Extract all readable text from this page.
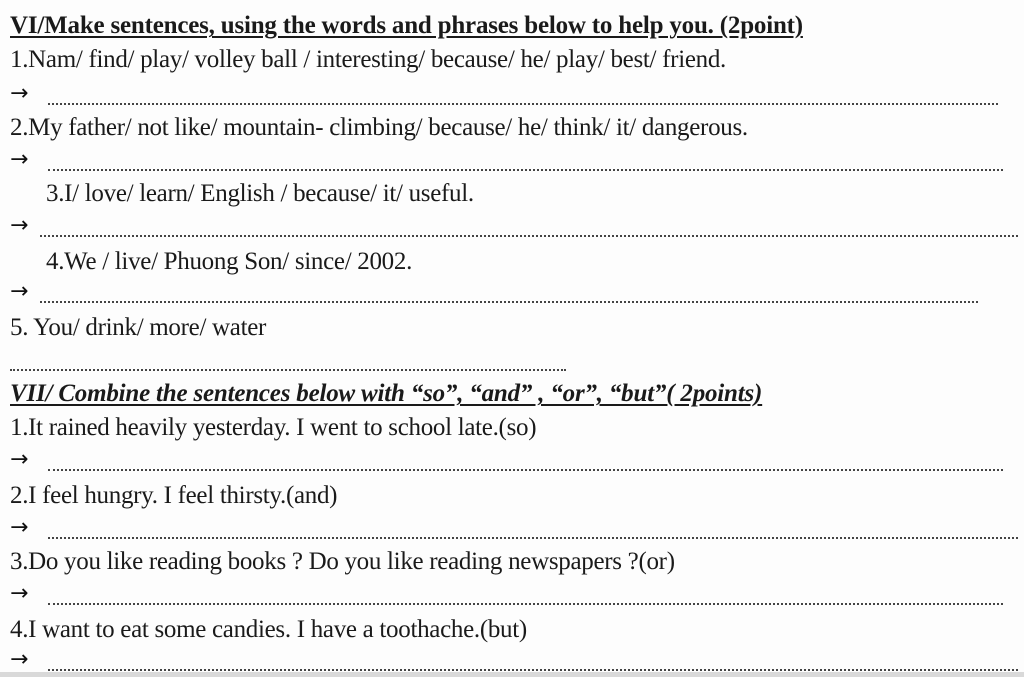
VI/Make sentences, using the words and phrases below to help you. (2point)
1.Nam/ find/ play/ volley ball / interesting/ because/ he/ play/ best/ friend.
→
2.My father/ not like/ mountain- climbing/ because/ he/ think/ it/ dangerous.
→
3.I/ love/ learn/ English / because/ it/ useful.
→
4.We / live/ Phuong Son/ since/ 2002.
→
5. You/ drink/ more/ water
VII/ Combine the sentences below with “so”, “and” , “or”, “but”( 2points)
1.It rained heavily yesterday. I went to school late.(so)
→
2.I feel hungry. I feel thirsty.(and)
→
3.Do you like reading books ? Do you like reading newspapers ?(or)
→
4.I want to eat some candies. I have a toothache.(but)
→
